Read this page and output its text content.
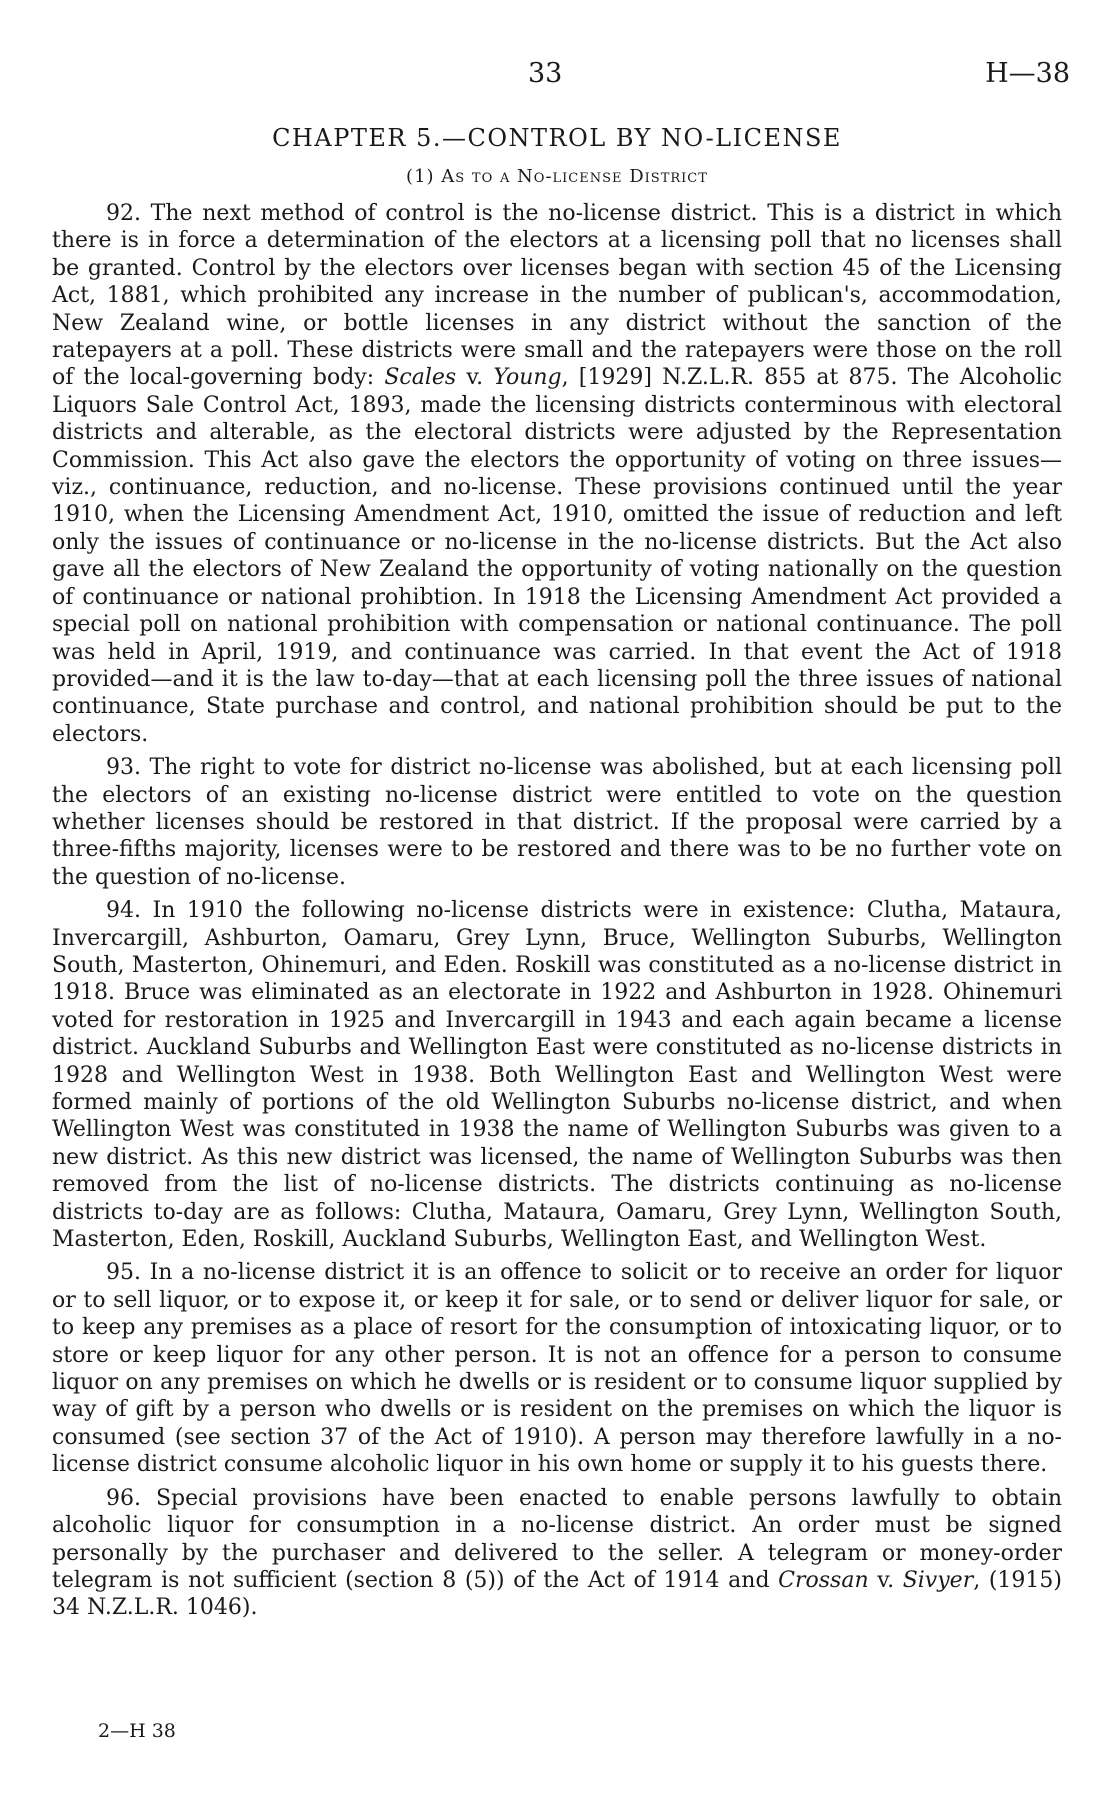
33	H—38
CHAPTER 5.—CONTROL BY NO-LICENSE
(1) As to a No-license District

92. The next method of control is the no-license district. This is a district in which there is in force a determination of the electors at a licensing poll that no licenses shall be granted. Control by the electors over licenses began with section 45 of the Licensing Act, 1881, which prohibited any increase in the number of publican's, accommodation, New Zealand wine, or bottle licenses in any district without the sanction of the ratepayers at a poll. These districts were small and the ratepayers were those on the roll of the local-governing body: Scales v. Young, [1929] N.Z.L.R. 855 at 875. The Alcoholic Liquors Sale Control Act, 1893, made the licensing districts conterminous with electoral districts and alterable, as the electoral districts were adjusted by the Representation Commission. This Act also gave the electors the opportunity of voting on three issues—viz., continuance, reduction, and no-license. These provisions continued until the year 1910, when the Licensing Amendment Act, 1910, omitted the issue of reduction and left only the issues of continuance or no-license in the no-license districts. But the Act also gave all the electors of New Zealand the opportunity of voting nationally on the question of continuance or national prohibtion. In 1918 the Licensing Amendment Act provided a special poll on national prohibition with compensation or national continuance. The poll was held in April, 1919, and continuance was carried. In that event the Act of 1918 provided—and it is the law to-day—that at each licensing poll the three issues of national continuance, State purchase and control, and national prohibition should be put to the electors.

93. The right to vote for district no-license was abolished, but at each licensing poll the electors of an existing no-license district were entitled to vote on the question whether licenses should be restored in that district. If the proposal were carried by a three-fifths majority, licenses were to be restored and there was to be no further vote on the question of no-license.

94. In 1910 the following no-license districts were in existence: Clutha, Mataura, Invercargill, Ashburton, Oamaru, Grey Lynn, Bruce, Wellington Suburbs, Wellington South, Masterton, Ohinemuri, and Eden. Roskill was constituted as a no-license district in 1918. Bruce was eliminated as an electorate in 1922 and Ashburton in 1928. Ohinemuri voted for restoration in 1925 and Invercargill in 1943 and each again became a license district. Auckland Suburbs and Wellington East were constituted as no-license districts in 1928 and Wellington West in 1938. Both Wellington East and Wellington West were formed mainly of portions of the old Wellington Suburbs no-license district, and when Wellington West was constituted in 1938 the name of Wellington Suburbs was given to a new district. As this new district was licensed, the name of Wellington Suburbs was then removed from the list of no-license districts. The districts continuing as no-license districts to-day are as follows: Clutha, Mataura, Oamaru, Grey Lynn, Wellington South, Masterton, Eden, Roskill, Auckland Suburbs, Wellington East, and Wellington West.

95. In a no-license district it is an offence to solicit or to receive an order for liquor or to sell liquor, or to expose it, or keep it for sale, or to send or deliver liquor for sale, or to keep any premises as a place of resort for the consumption of intoxicating liquor, or to store or keep liquor for any other person. It is not an offence for a person to consume liquor on any premises on which he dwells or is resident or to consume liquor supplied by way of gift by a person who dwells or is resident on the premises on which the liquor is consumed (see section 37 of the Act of 1910). A person may therefore lawfully in a no-license district consume alcoholic liquor in his own home or supply it to his guests there.

96. Special provisions have been enacted to enable persons lawfully to obtain alcoholic liquor for consumption in a no-license district. An order must be signed personally by the purchaser and delivered to the seller. A telegram or money-order telegram is not sufficient (section 8 (5)) of the Act of 1914 and Crossan v. Sivyer, (1915) 34 N.Z.L.R. 1046).

2—H 38
